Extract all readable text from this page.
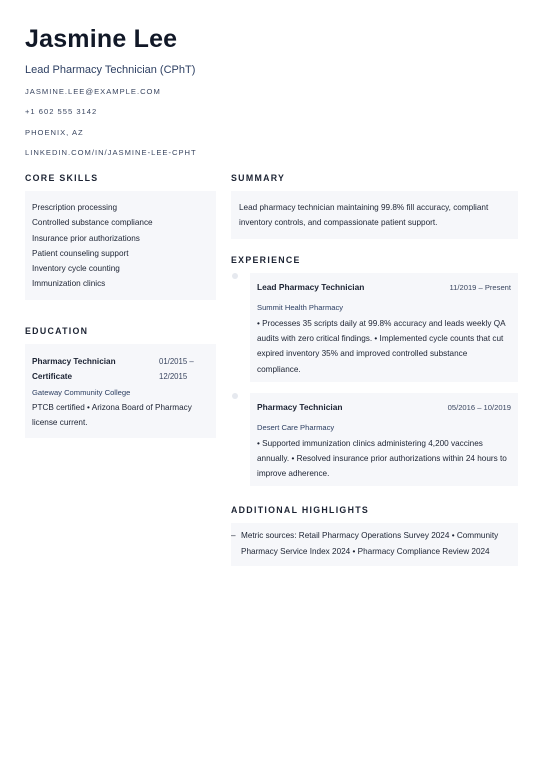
Jasmine Lee
Lead Pharmacy Technician (CPhT)
JASMINE.LEE@EXAMPLE.COM
+1 602 555 3142
PHOENIX, AZ
LINKEDIN.COM/IN/JASMINE-LEE-CPHT
CORE SKILLS
Prescription processing
Controlled substance compliance
Insurance prior authorizations
Patient counseling support
Inventory cycle counting
Immunization clinics
EDUCATION
Pharmacy Technician Certificate
01/2015 – 12/2015
Gateway Community College
PTCB certified • Arizona Board of Pharmacy license current.
SUMMARY
Lead pharmacy technician maintaining 99.8% fill accuracy, compliant inventory controls, and compassionate patient support.
EXPERIENCE
Lead Pharmacy Technician	11/2019 – Present
Summit Health Pharmacy
• Processes 35 scripts daily at 99.8% accuracy and leads weekly QA audits with zero critical findings. • Implemented cycle counts that cut expired inventory 35% and improved controlled substance compliance.
Pharmacy Technician	05/2016 – 10/2019
Desert Care Pharmacy
• Supported immunization clinics administering 4,200 vaccines annually. • Resolved insurance prior authorizations within 24 hours to improve adherence.
ADDITIONAL HIGHLIGHTS
– Metric sources: Retail Pharmacy Operations Survey 2024 • Community Pharmacy Service Index 2024 • Pharmacy Compliance Review 2024
